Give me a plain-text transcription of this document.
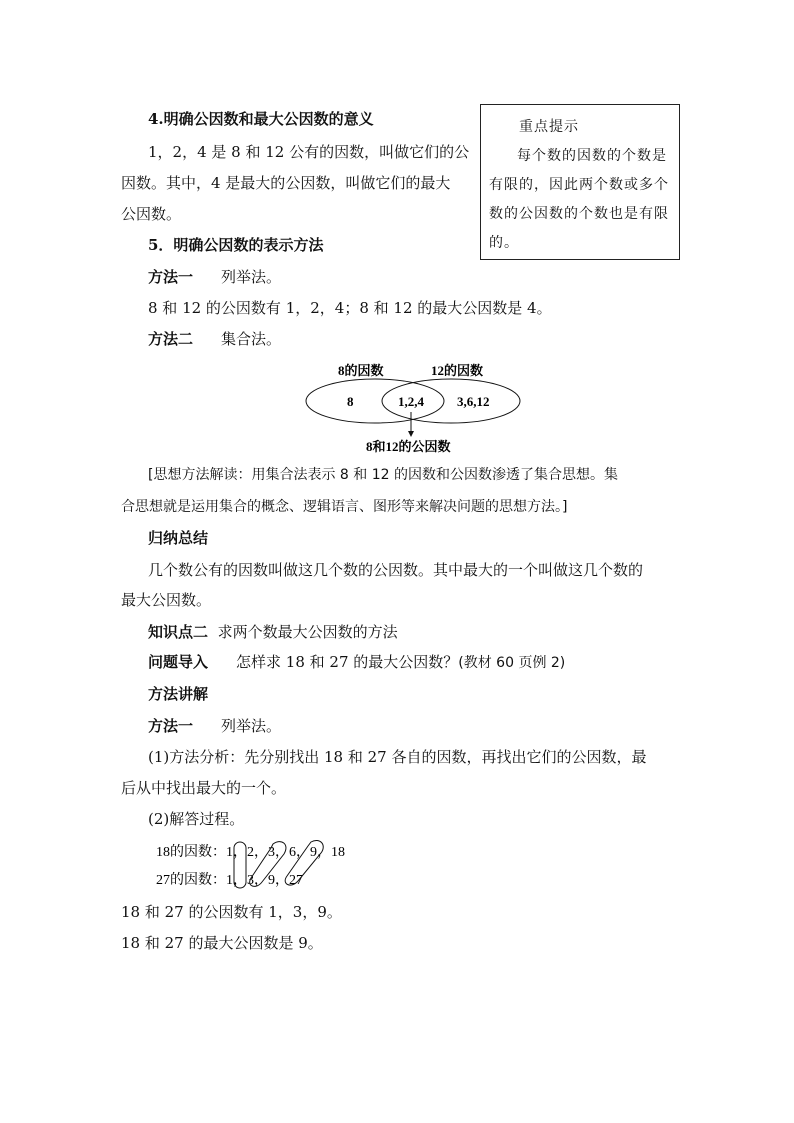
重点提示
每个数的因数的个数是有限的，因此两个数或多个数的公因数的个数也是有限的。
4.明确公因数和最大公因数的意义
1，2，4 是 8 和 12 公有的因数，叫做它们的公
因数。其中，4 是最大的公因数，叫做它们的最大
公因数。
5．明确公因数的表示方法
方法一 列举法。
8 和 12 的公因数有 1，2，4；8 和 12 的最大公因数是 4。
方法二 集合法。
8的因数	12的因数
8	1,2,4	3,6,12
8和12的公因数
[思想方法解读：用集合法表示 8 和 12 的因数和公因数渗透了集合思想。集
合思想就是运用集合的概念、逻辑语言、图形等来解决问题的思想方法。]
归纳总结
几个数公有的因数叫做这几个数的公因数。其中最大的一个叫做这几个数的
最大公因数。
知识点二 求两个数最大公因数的方法
问题导入 怎样求 18 和 27 的最大公因数？(教材 60 页例 2)
方法讲解
方法一 列举法。
(1)方法分析：先分别找出 18 和 27 各自的因数，再找出它们的公因数，最
后从中找出最大的一个。
(2)解答过程。
18的因数：1，2，3，6，9，18
27的因数：1，3，9，27
18 和 27 的公因数有 1，3，9。
18 和 27 的最大公因数是 9。
